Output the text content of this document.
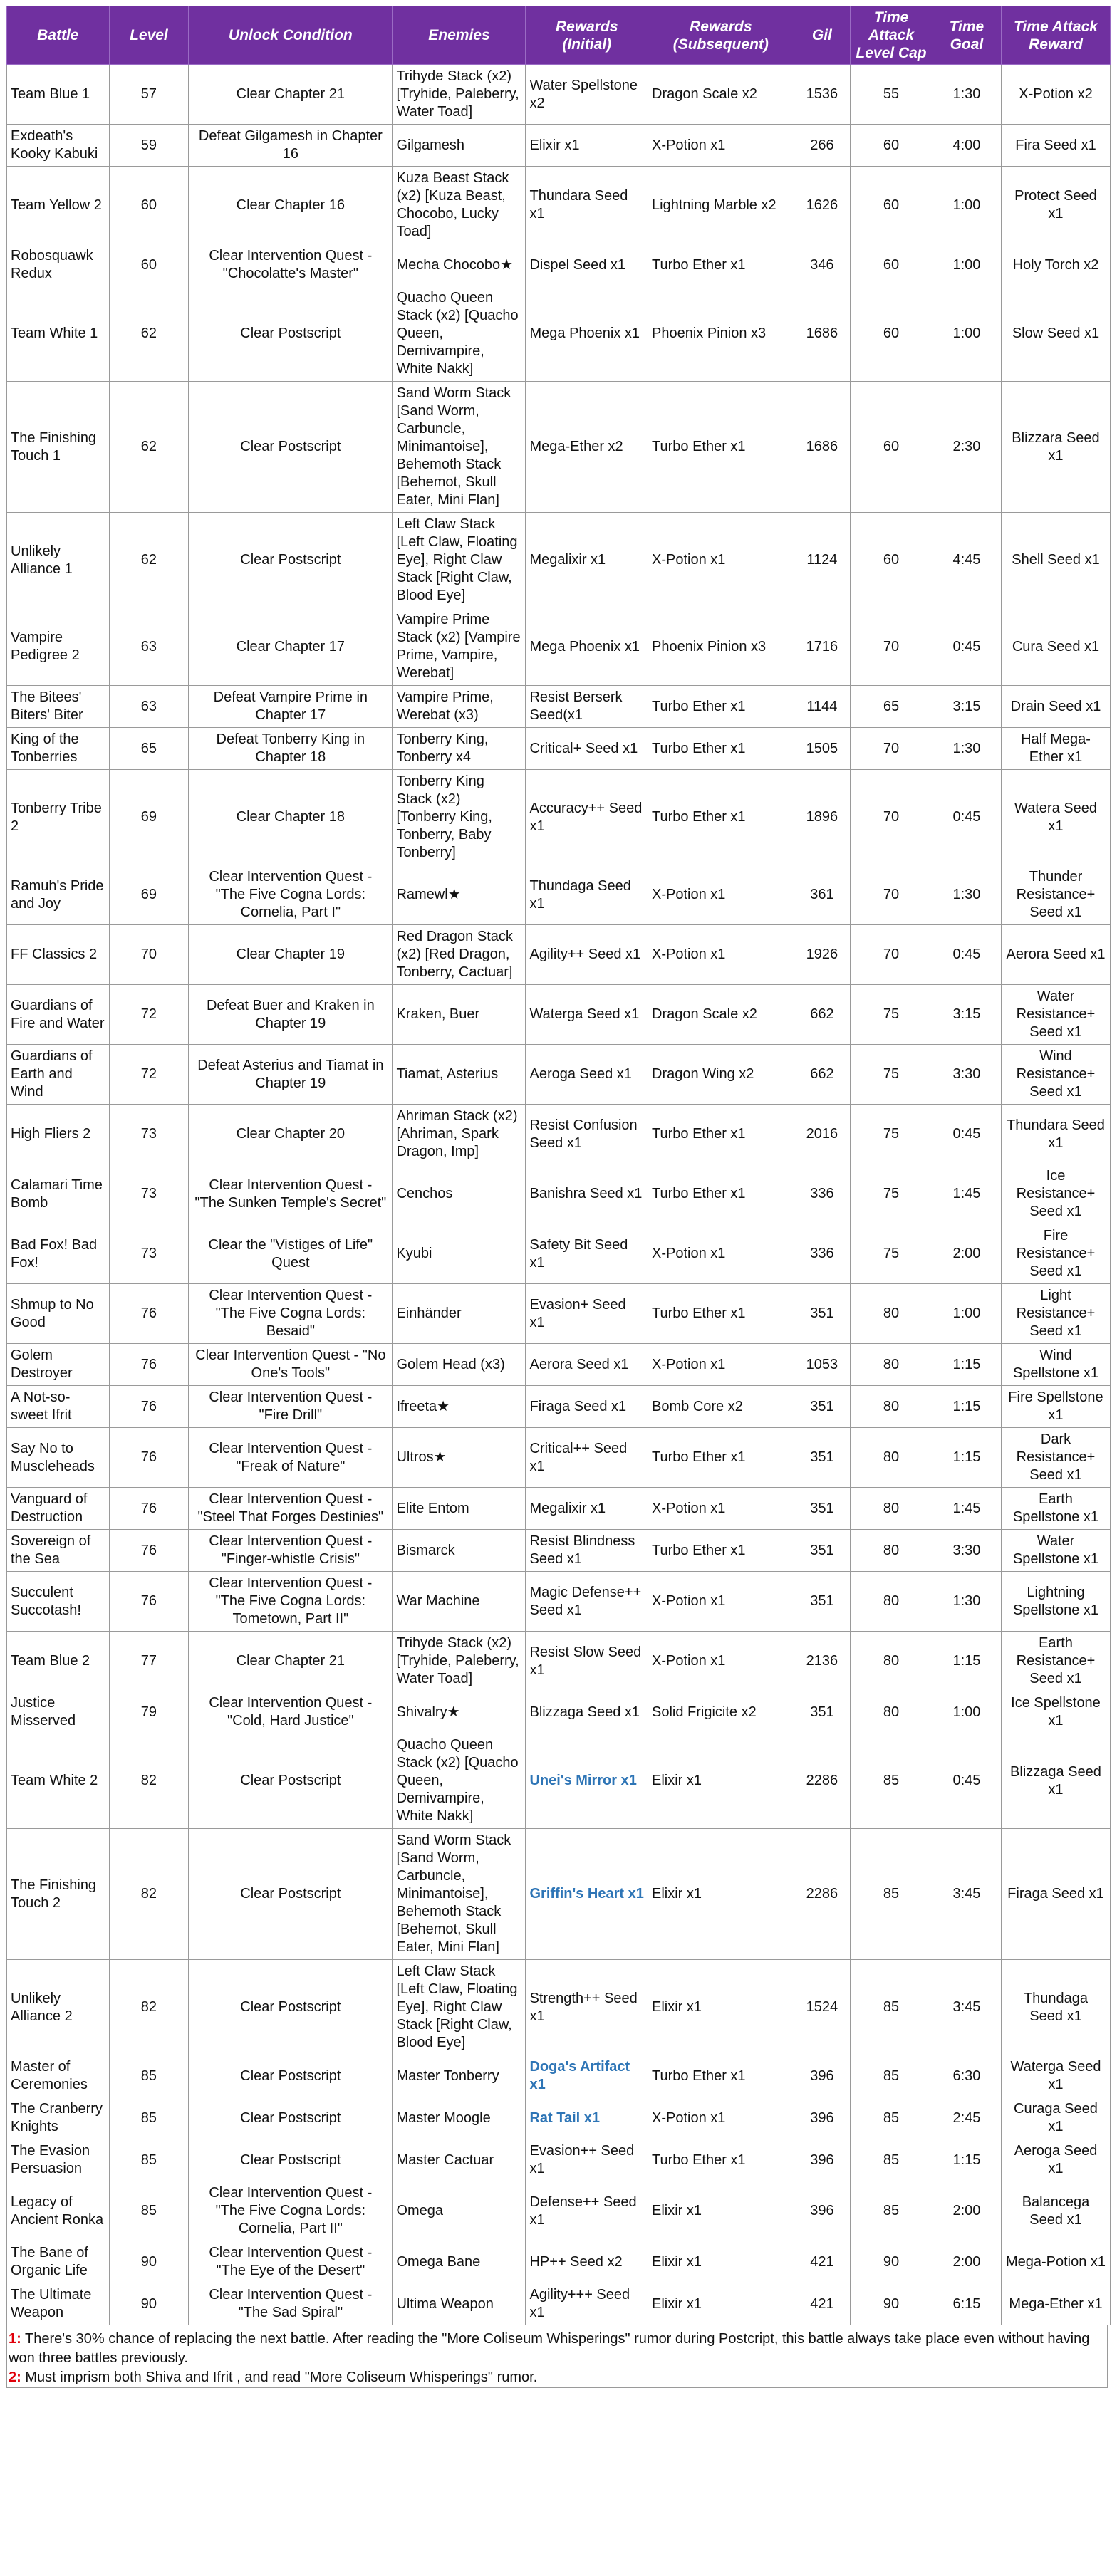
Battle	Level	Unlock Condition	Enemies	Rewards (Initial)	Rewards (Subsequent)	Gil	Time Attack Level Cap	Time Goal	Time Attack Reward
Team Blue 1	57	Clear Chapter 21	Trihyde Stack (x2) [Tryhide, Paleberry, Water Toad]	Water Spellstone x2	Dragon Scale x2	1536	55	1:30	X-Potion x2
Exdeath's Kooky Kabuki	59	Defeat Gilgamesh in Chapter 16	Gilgamesh	Elixir x1	X-Potion x1	266	60	4:00	Fira Seed x1
Team Yellow 2	60	Clear Chapter 16	Kuza Beast Stack (x2) [Kuza Beast, Chocobo, Lucky Toad]	Thundara Seed x1	Lightning Marble x2	1626	60	1:00	Protect Seed x1
Robosquawk Redux	60	Clear Intervention Quest - "Chocolatte's Master"	Mecha Chocobo★	Dispel Seed x1	Turbo Ether x1	346	60	1:00	Holy Torch x2
Team White 1	62	Clear Postscript	Quacho Queen Stack (x2) [Quacho Queen, Demivampire, White Nakk]	Mega Phoenix x1	Phoenix Pinion x3	1686	60	1:00	Slow Seed x1
The Finishing Touch 1	62	Clear Postscript	Sand Worm Stack [Sand Worm, Carbuncle, Minimantoise], Behemoth Stack [Behemot, Skull Eater, Mini Flan]	Mega-Ether x2	Turbo Ether x1	1686	60	2:30	Blizzara Seed x1
Unlikely Alliance 1	62	Clear Postscript	Left Claw Stack [Left Claw, Floating Eye], Right Claw Stack [Right Claw, Blood Eye]	Megalixir x1	X-Potion x1	1124	60	4:45	Shell Seed x1
Vampire Pedigree 2	63	Clear Chapter 17	Vampire Prime Stack (x2) [Vampire Prime, Vampire, Werebat]	Mega Phoenix x1	Phoenix Pinion x3	1716	70	0:45	Cura Seed x1
The Bitees' Biters' Biter	63	Defeat Vampire Prime in Chapter 17	Vampire Prime, Werebat (x3)	Resist Berserk Seed(x1	Turbo Ether x1	1144	65	3:15	Drain Seed x1
King of the Tonberries	65	Defeat Tonberry King in Chapter 18	Tonberry King, Tonberry x4	Critical+ Seed x1	Turbo Ether x1	1505	70	1:30	Half Mega-Ether x1
Tonberry Tribe 2	69	Clear Chapter 18	Tonberry King Stack (x2) [Tonberry King, Tonberry, Baby Tonberry]	Accuracy++ Seed x1	Turbo Ether x1	1896	70	0:45	Watera Seed x1
Ramuh's Pride and Joy	69	Clear Intervention Quest - "The Five Cogna Lords: Cornelia, Part I"	Ramewl★	Thundaga Seed x1	X-Potion x1	361	70	1:30	Thunder Resistance+ Seed x1
FF Classics 2	70	Clear Chapter 19	Red Dragon Stack (x2) [Red Dragon, Tonberry, Cactuar]	Agility++ Seed x1	X-Potion x1	1926	70	0:45	Aerora Seed x1
Guardians of Fire and Water	72	Defeat Buer and Kraken in Chapter 19	Kraken, Buer	Waterga Seed x1	Dragon Scale x2	662	75	3:15	Water Resistance+ Seed x1
Guardians of Earth and Wind	72	Defeat Asterius and Tiamat in Chapter 19	Tiamat, Asterius	Aeroga Seed x1	Dragon Wing x2	662	75	3:30	Wind Resistance+ Seed x1
High Fliers 2	73	Clear Chapter 20	Ahriman Stack (x2) [Ahriman, Spark Dragon, Imp]	Resist Confusion Seed x1	Turbo Ether x1	2016	75	0:45	Thundara Seed x1
Calamari Time Bomb	73	Clear Intervention Quest - "The Sunken Temple's Secret"	Cenchos	Banishra Seed x1	Turbo Ether x1	336	75	1:45	Ice Resistance+ Seed x1
Bad Fox! Bad Fox!	73	Clear the "Vistiges of Life" Quest	Kyubi	Safety Bit Seed x1	X-Potion x1	336	75	2:00	Fire Resistance+ Seed x1
Shmup to No Good	76	Clear Intervention Quest - "The Five Cogna Lords: Besaid"	Einhänder	Evasion+ Seed x1	Turbo Ether x1	351	80	1:00	Light Resistance+ Seed x1
Golem Destroyer	76	Clear Intervention Quest - "No One's Tools"	Golem Head (x3)	Aerora Seed x1	X-Potion x1	1053	80	1:15	Wind Spellstone x1
A Not-so-sweet Ifrit	76	Clear Intervention Quest - "Fire Drill"	Ifreeta★	Firaga Seed x1	Bomb Core x2	351	80	1:15	Fire Spellstone x1
Say No to Muscleheads	76	Clear Intervention Quest - "Freak of Nature"	Ultros★	Critical++ Seed x1	Turbo Ether x1	351	80	1:15	Dark Resistance+ Seed x1
Vanguard of Destruction	76	Clear Intervention Quest - "Steel That Forges Destinies"	Elite Entom	Megalixir x1	X-Potion x1	351	80	1:45	Earth Spellstone x1
Sovereign of the Sea	76	Clear Intervention Quest - "Finger-whistle Crisis"	Bismarck	Resist Blindness Seed x1	Turbo Ether x1	351	80	3:30	Water Spellstone x1
Succulent Succotash!	76	Clear Intervention Quest - "The Five Cogna Lords: Tometown, Part II"	War Machine	Magic Defense++ Seed x1	X-Potion x1	351	80	1:30	Lightning Spellstone x1
Team Blue 2	77	Clear Chapter 21	Trihyde Stack (x2) [Tryhide, Paleberry, Water Toad]	Resist Slow Seed x1	X-Potion x1	2136	80	1:15	Earth Resistance+ Seed x1
Justice Misserved	79	Clear Intervention Quest - "Cold, Hard Justice"	Shivalry★	Blizzaga Seed x1	Solid Frigicite x2	351	80	1:00	Ice Spellstone x1
Team White 2	82	Clear Postscript	Quacho Queen Stack (x2) [Quacho Queen, Demivampire, White Nakk]	Unei's Mirror x1	Elixir x1	2286	85	0:45	Blizzaga Seed x1
The Finishing Touch 2	82	Clear Postscript	Sand Worm Stack [Sand Worm, Carbuncle, Minimantoise], Behemoth Stack [Behemot, Skull Eater, Mini Flan]	Griffin's Heart x1	Elixir x1	2286	85	3:45	Firaga Seed x1
Unlikely Alliance 2	82	Clear Postscript	Left Claw Stack [Left Claw, Floating Eye], Right Claw Stack [Right Claw, Blood Eye]	Strength++ Seed x1	Elixir x1	1524	85	3:45	Thundaga Seed x1
Master of Ceremonies	85	Clear Postscript	Master Tonberry	Doga's Artifact x1	Turbo Ether x1	396	85	6:30	Waterga Seed x1
The Cranberry Knights	85	Clear Postscript	Master Moogle	Rat Tail x1	X-Potion x1	396	85	2:45	Curaga Seed x1
The Evasion Persuasion	85	Clear Postscript	Master Cactuar	Evasion++ Seed x1	Turbo Ether x1	396	85	1:15	Aeroga Seed x1
Legacy of Ancient Ronka	85	Clear Intervention Quest - "The Five Cogna Lords: Cornelia, Part II"	Omega	Defense++ Seed x1	Elixir x1	396	85	2:00	Balancega Seed x1
The Bane of Organic Life	90	Clear Intervention Quest - "The Eye of the Desert"	Omega Bane	HP++ Seed x2	Elixir x1	421	90	2:00	Mega-Potion x1
The Ultimate Weapon	90	Clear Intervention Quest - "The Sad Spiral"	Ultima Weapon	Agility+++ Seed x1	Elixir x1	421	90	6:15	Mega-Ether x1
1: There's 30% chance of replacing the next battle. After reading the "More Coliseum Whisperings" rumor during Postcript, this battle always take place even without having won three battles previously.
2: Must imprism both Shiva and Ifrit , and read "More Coliseum Whisperings" rumor.
